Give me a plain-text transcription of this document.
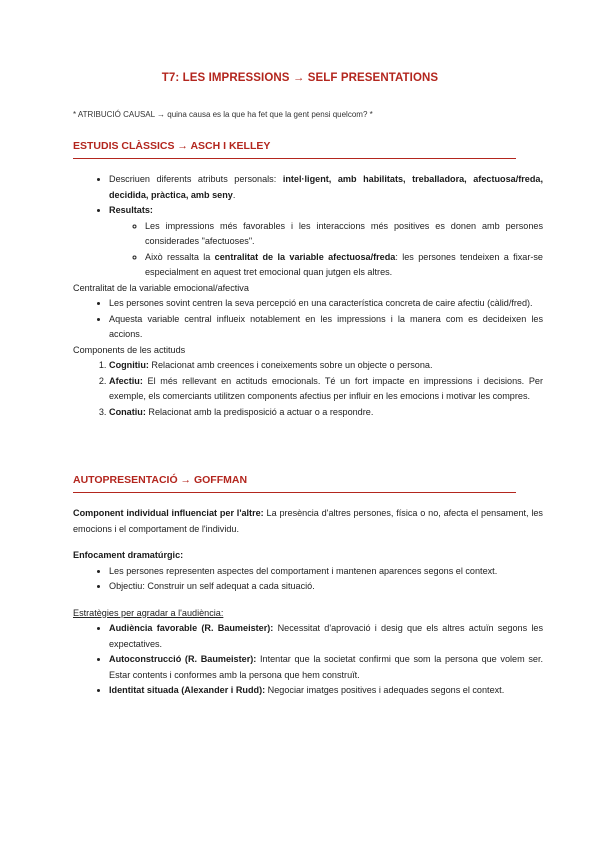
T7: LES IMPRESSIONS → SELF PRESENTATIONS
* ATRIBUCIÓ CAUSAL → quina causa es la que ha fet que la gent pensi quelcom? *
ESTUDIS CLÀSSICS → ASCH I KELLEY
• Descriuen diferents atributs personals: intel·ligent, amb habilitats, treballadora, afectuosa/freda, decidida, pràctica, amb seny.
• Resultats:
◦ Les impressions més favorables i les interaccions més positives es donen amb persones considerades "afectuoses".
◦ Això ressalta la centralitat de la variable afectuosa/freda: les persones tendeixen a fixar-se especialment en aquest tret emocional quan jutgen els altres.

Centralitat de la variable emocional/afectiva

• Les persones sovint centren la seva percepció en una característica concreta de caire afectiu (càlid/fred).
• Aquesta variable central influeix notablement en les impressions i la manera com es decideixen les accions.

Components de les actituds

1. Cognitiu: Relacionat amb creences i coneixements sobre un objecte o persona.
2. Afectiu: El més rellevant en actituds emocionals. Té un fort impacte en impressions i decisions. Per exemple, els comerciants utilitzen components afectius per influir en les emocions i motivar les compres.
3. Conatiu: Relacionat amb la predisposició a actuar o a respondre.
AUTOPRESENTACIÓ → GOFFMAN

Component individual influenciat per l'altre: La presència d'altres persones, física o no, afecta el pensament, les emocions i el comportament de l'individu.

Enfocament dramatúrgic:

• Les persones representen aspectes del comportament i mantenen aparences segons el context.
• Objectiu: Construir un self adequat a cada situació.

Estratègies per agradar a l'audiència:

• Audiència favorable (R. Baumeister): Necessitat d'aprovació i desig que els altres actuïn segons les expectatives.
• Autoconstrucció (R. Baumeister): Intentar que la societat confirmi que som la persona que volem ser. Estar contents i conformes amb la persona que hem construït.
• Identitat situada (Alexander i Rudd): Negociar imatges positives i adequades segons el context.
